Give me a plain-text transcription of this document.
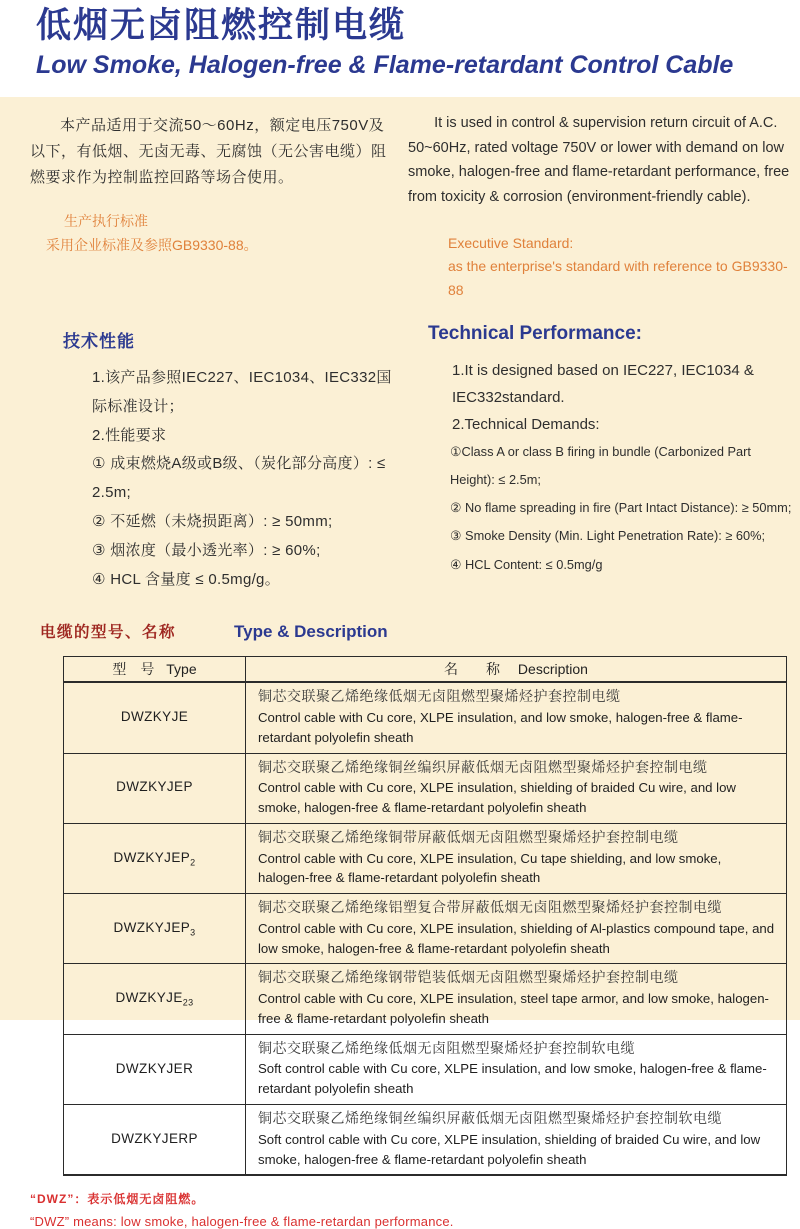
低烟无卤阻燃控制电缆
Low Smoke, Halogen-free & Flame-retardant Control Cable

本产品适用于交流50～60Hz，额定电压750V及以下，有低烟、无卤无毒、无腐蚀（无公害电缆）阻燃要求作为控制监控回路等场合使用。

生产执行标准
采用企业标准及参照GB9330-88。

It is used in control & supervision return circuit of A.C. 50~60Hz, rated voltage 750V or lower with demand on low smoke, halogen-free and flame-retardant performance, free from toxicity & corrosion (environment-friendly cable).

Executive Standard:
as the enterprise's standard with reference to GB9330-88
技术性能
1.该产品参照IEC227、IEC1034、IEC332国际标准设计；
2.性能要求
① 成束燃烧A级或B级、（炭化部分高度）: ≤ 2.5m;
② 不延燃（未烧损距离）: ≥ 50mm;
③ 烟浓度（最小透光率）: ≥ 60%;
④ HCL 含量度 ≤ 0.5mg/g。
Technical Performance:
1.It is designed based on IEC227, IEC1034 & IEC332standard.
2.Technical Demands:
①Class A or class B firing in bundle (Carbonized Part Height): ≤ 2.5m;
② No flame spreading in fire (Part Intact Distance): ≥ 50mm;
③ Smoke Density (Min. Light Penetration Rate): ≥ 60%;
④ HCL Content: ≤ 0.5mg/g
电缆的型号、名称	Type & Description
型　号 Type	名　　称 Description
DWZKYJE	铜芯交联聚乙烯绝缘低烟无卤阻燃型聚烯烃护套控制电缆
Control cable with Cu core, XLPE insulation, and low smoke, halogen-free & flame-retardant polyolefin sheath

DWZKYJEP	铜芯交联聚乙烯绝缘铜丝编织屏蔽低烟无卤阻燃型聚烯烃护套控制电缆
Control cable with Cu core, XLPE insulation, shielding of braided Cu wire, and low smoke, halogen-free & flame-retardant polyolefin sheath

$DWZKYJEP_2$	铜芯交联聚乙烯绝缘铜带屏蔽低烟无卤阻燃型聚烯烃护套控制电缆
Control cable with Cu core, XLPE insulation, Cu tape shielding, and low smoke, halogen-free & flame-retardant polyolefin sheath

$DWZKYJEP_3$	铜芯交联聚乙烯绝缘铝塑复合带屏蔽低烟无卤阻燃型聚烯烃护套控制电缆
Control cable with Cu core, XLPE insulation, shielding of Al-plastics compound tape, and low smoke, halogen-free & flame-retardant polyolefin sheath

$DWZKYJE_{23}$	铜芯交联聚乙烯绝缘钢带铠装低烟无卤阻燃型聚烯烃护套控制电缆
Control cable with Cu core, XLPE insulation, steel tape armor, and low smoke, halogen-free & flame-retardant polyolefin sheath

DWZKYJER	铜芯交联聚乙烯绝缘低烟无卤阻燃型聚烯烃护套控制软电缆
Soft control cable with Cu core, XLPE insulation, and low smoke, halogen-free & flame-retardant polyolefin sheath

DWZKYJERP	铜芯交联聚乙烯绝缘铜丝编织屏蔽低烟无卤阻燃型聚烯烃护套控制软电缆
Soft control cable with Cu core, XLPE insulation, shielding of braided Cu wire, and low smoke, halogen-free & flame-retardant polyolefin sheath
“DWZ”：表示低烟无卤阻燃。
“DWZ” means: low smoke, halogen-free & flame-retardan performance.
